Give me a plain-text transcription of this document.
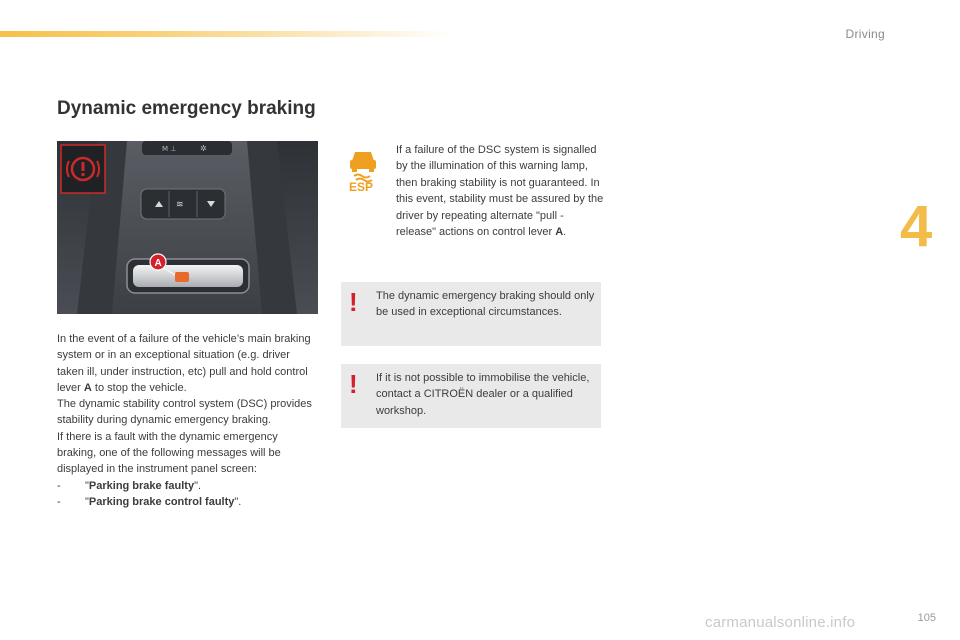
Driving
4
Dynamic emergency braking
M ⊥	✲
≋
A

In the event of a failure of the vehicle’s main braking system or in an exceptional situation (e.g. driver taken ill, under instruction, etc) pull and hold control lever A to stop the vehicle.

The dynamic stability control system (DSC) provides stability during dynamic emergency braking.

If there is a fault with the dynamic emergency braking, one of the following messages will be displayed in the instrument panel screen:

-	"Parking brake faulty".
-	"Parking brake control faulty".
ESP
If a failure of the DSC system is signalled by the illumination of this warning lamp, then braking stability is not guaranteed. In this event, stability must be assured by the driver by repeating alternate "pull - release" actions on control lever A.
! The dynamic emergency braking should only be used in exceptional circumstances.
! If it is not possible to immobilise the vehicle, contact a CITROËN dealer or a qualified workshop.
carmanualsonline.info	105
